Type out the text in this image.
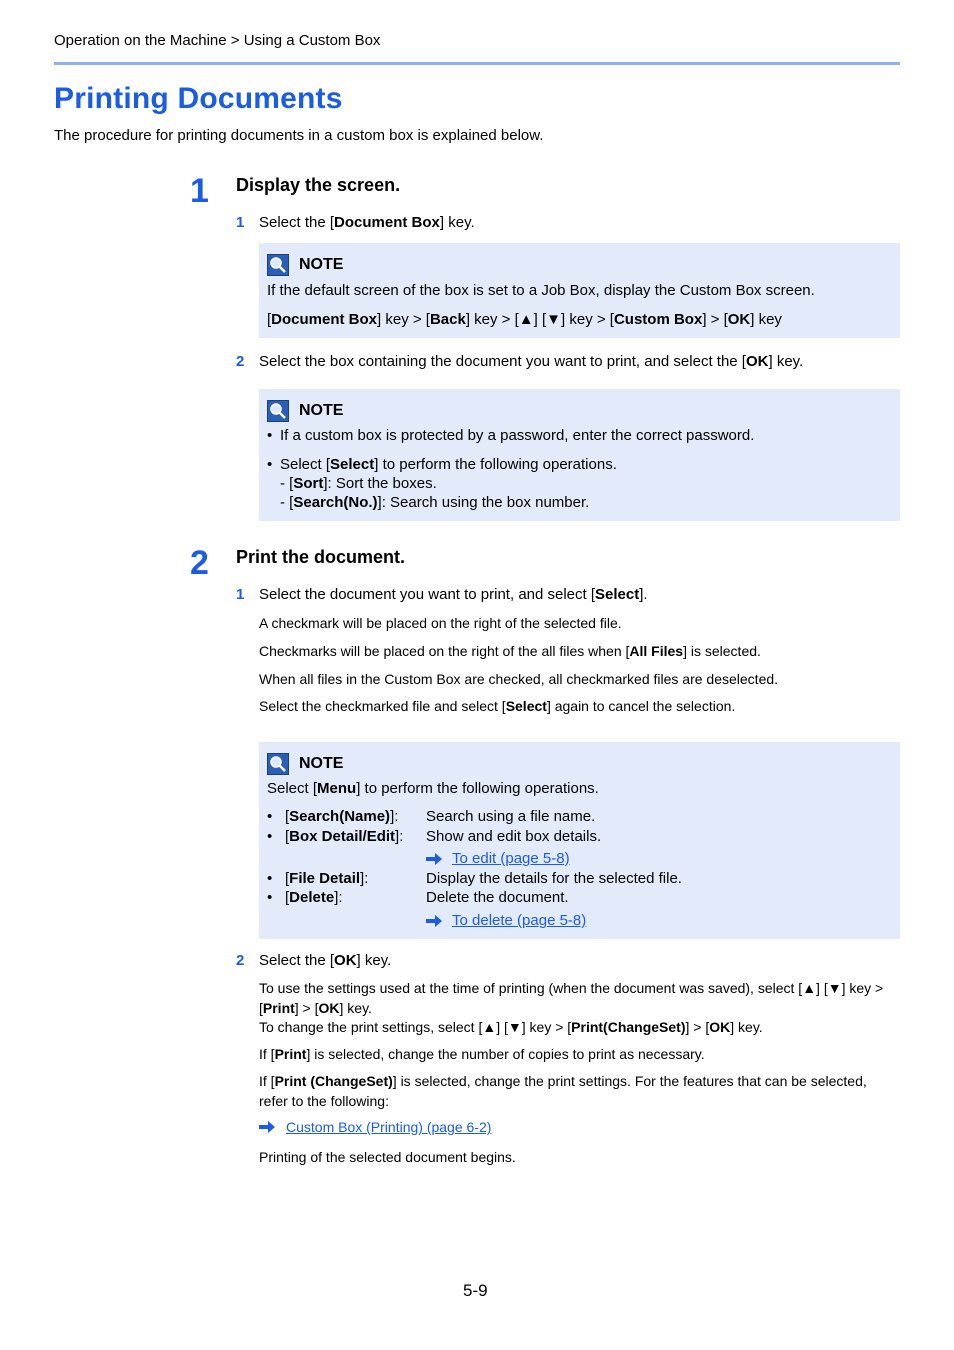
Operation on the Machine > Using a Custom Box
Printing Documents
The procedure for printing documents in a custom box is explained below.
1 Display the screen.
1 Select the [Document Box] key.
NOTE
If the default screen of the box is set to a Job Box, display the Custom Box screen.
[Document Box] key > [Back] key > [▲] [▼] key > [Custom Box] > [OK] key
2 Select the box containing the document you want to print, and select the [OK] key.
NOTE
• If a custom box is protected by a password, enter the correct password.
• Select [Select] to perform the following operations.
- [Sort]: Sort the boxes.
- [Search(No.)]: Search using the box number.
2 Print the document.
1 Select the document you want to print, and select [Select].
A checkmark will be placed on the right of the selected file.
Checkmarks will be placed on the right of the all files when [All Files] is selected.
When all files in the Custom Box are checked, all checkmarked files are deselected.
Select the checkmarked file and select [Select] again to cancel the selection.
NOTE
Select [Menu] to perform the following operations.
• [Search(Name)]: Search using a file name.
• [Box Detail/Edit]: Show and edit box details.
To edit (page 5-8)
• [File Detail]:	Display the details for the selected file.
• [Delete]:	Delete the document.
To delete (page 5-8)
2 Select the [OK] key.
To use the settings used at the time of printing (when the document was saved), select [▲] [▼] key >
[Print] > [OK] key.
To change the print settings, select [▲] [▼] key > [Print(ChangeSet)] > [OK] key.
If [Print] is selected, change the number of copies to print as necessary.
If [Print (ChangeSet)] is selected, change the print settings. For the features that can be selected,
refer to the following:
Custom Box (Printing) (page 6-2)
Printing of the selected document begins.
5-9
